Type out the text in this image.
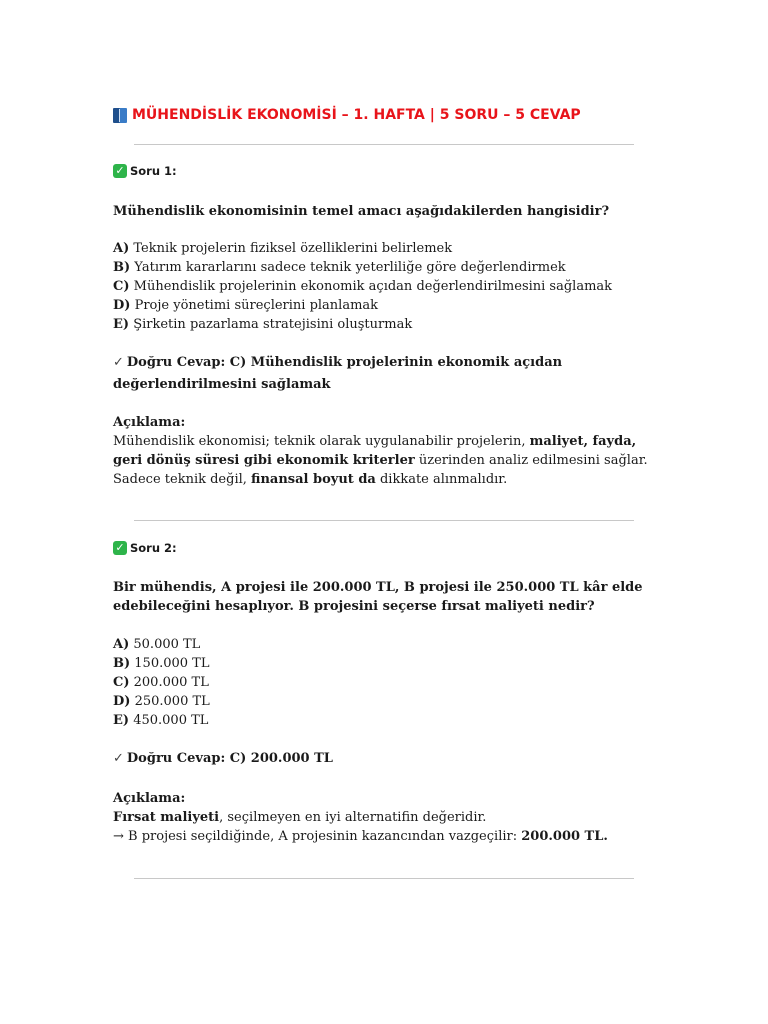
MÜHENDİSLİK EKONOMİSİ – 1. HAFTA | 5 SORU – 5 CEVAP
✓ Soru 1:
Mühendislik ekonomisinin temel amacı aşağıdakilerden hangisidir?
A) Teknik projelerin fiziksel özelliklerini belirlemek
B) Yatırım kararlarını sadece teknik yeterliliğe göre değerlendirmek
C) Mühendislik projelerinin ekonomik açıdan değerlendirilmesini sağlamak
D) Proje yönetimi süreçlerini planlamak
E) Şirketin pazarlama stratejisini oluşturmak
✓ Doğru Cevap: C) Mühendislik projelerinin ekonomik açıdan değerlendirilmesini sağlamak
Açıklama:
Mühendislik ekonomisi; teknik olarak uygulanabilir projelerin, maliyet, fayda, geri dönüş süresi gibi ekonomik kriterler üzerinden analiz edilmesini sağlar. Sadece teknik değil, finansal boyut da dikkate alınmalıdır.
✓ Soru 2:
Bir mühendis, A projesi ile 200.000 TL, B projesi ile 250.000 TL kâr elde edebileceğini hesaplıyor. B projesini seçerse fırsat maliyeti nedir?
A) 50.000 TL
B) 150.000 TL
C) 200.000 TL
D) 250.000 TL
E) 450.000 TL
✓ Doğru Cevap: C) 200.000 TL
Açıklama:
Fırsat maliyeti, seçilmeyen en iyi alternatifin değeridir.
→ B projesi seçildiğinde, A projesinin kazancından vazgeçilir: 200.000 TL.
